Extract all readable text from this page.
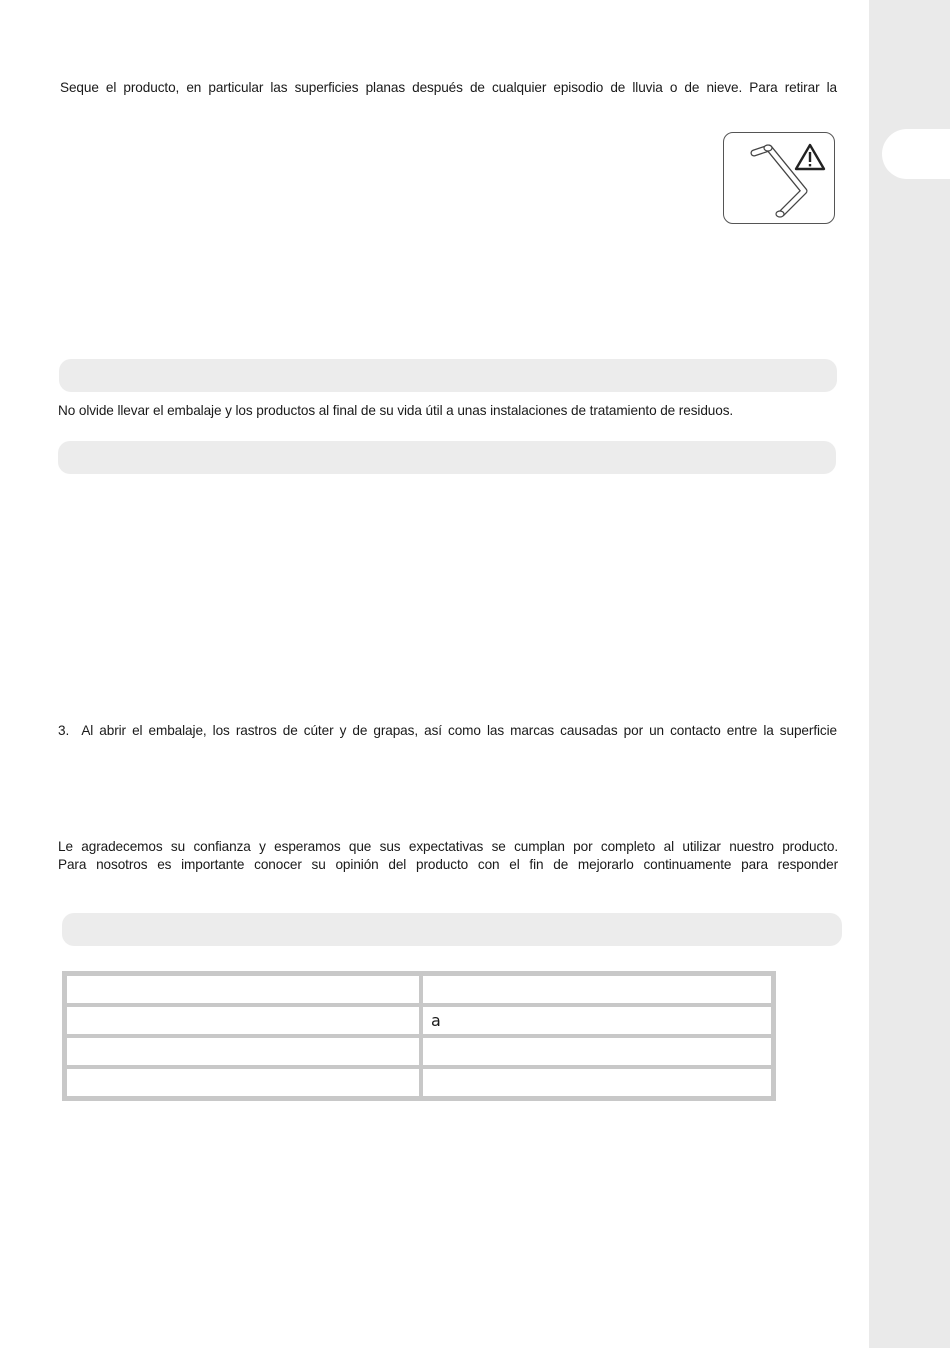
Seque el producto, en particular las superficies planas después de cualquier episodio de lluvia o de nieve. Para retirar la
No olvide llevar el embalaje y los productos al final de su vida útil a unas instalaciones de tratamiento de residuos.
3.  Al abrir el embalaje, los rastros de cúter y de grapas, así como las marcas causadas por un contacto entre la superficie
Le agradecemos su confianza y esperamos que sus expectativas se cumplan por completo al utilizar nuestro producto.
Para nosotros es importante conocer su opinión del producto con el fin de mejorarlo continuamente para responder

	a
